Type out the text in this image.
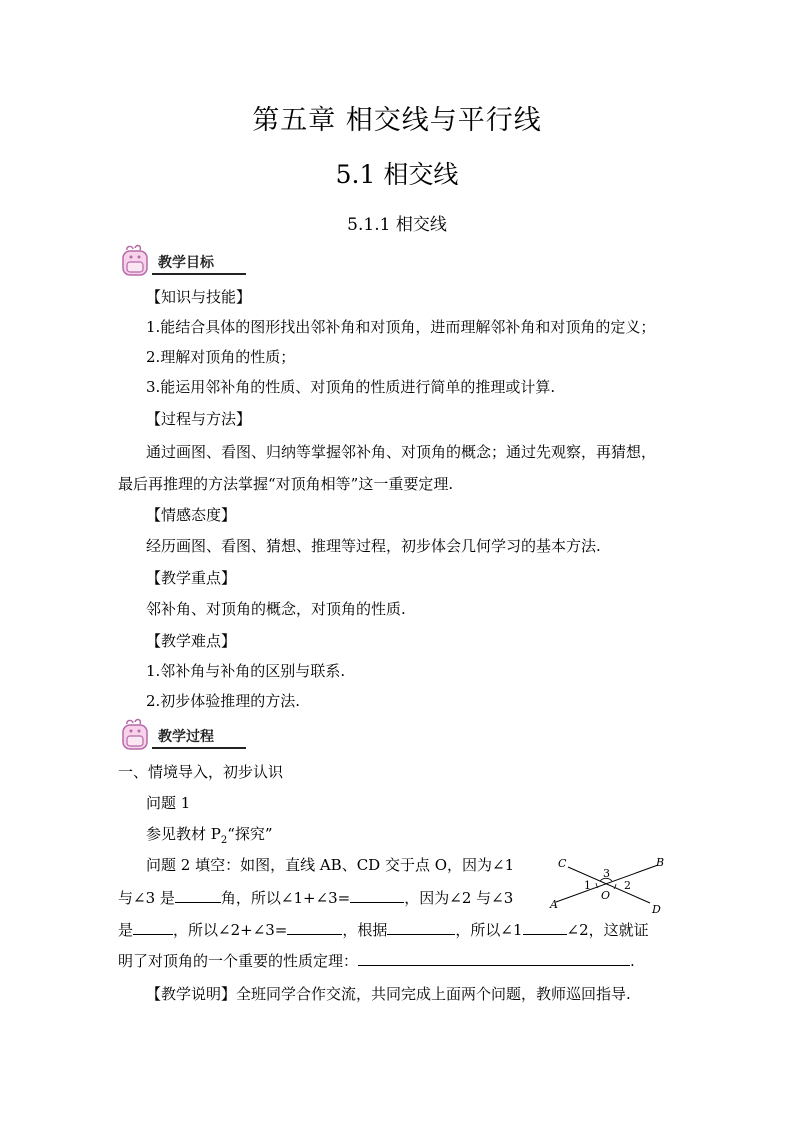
第五章 相交线与平行线
5.1 相交线
5.1.1 相交线
教学目标
【知识与技能】
1.能结合具体的图形找出邻补角和对顶角，进而理解邻补角和对顶角的定义；
2.理解对顶角的性质；
3.能运用邻补角的性质、对顶角的性质进行简单的推理或计算.
【过程与方法】
通过画图、看图、归纳等掌握邻补角、对顶角的概念；通过先观察，再猜想，
最后再推理的方法掌握“对顶角相等”这一重要定理.
【情感态度】
经历画图、看图、猜想、推理等过程，初步体会几何学习的基本方法.
【教学重点】
邻补角、对顶角的概念，对顶角的性质.
【教学难点】
1.邻补角与补角的区别与联系.
2.初步体验推理的方法.
教学过程
一、情境导入，初步认识
问题 1
参见教材 $P_2“$探究”
问题 2 填空：如图，直线 AB、CD 交于点 O，因为∠1
与∠3 是	角，所以∠1+∠3=	，因为∠2 与∠3
是	，所以∠2+∠3=	，根据	，所以∠1	∠2，这就证
明了对顶角的一个重要的性质定理：	.
【教学说明】全班同学合作交流，共同完成上面两个问题，教师巡回指导.
C	B
A	D
O
1	2
3
